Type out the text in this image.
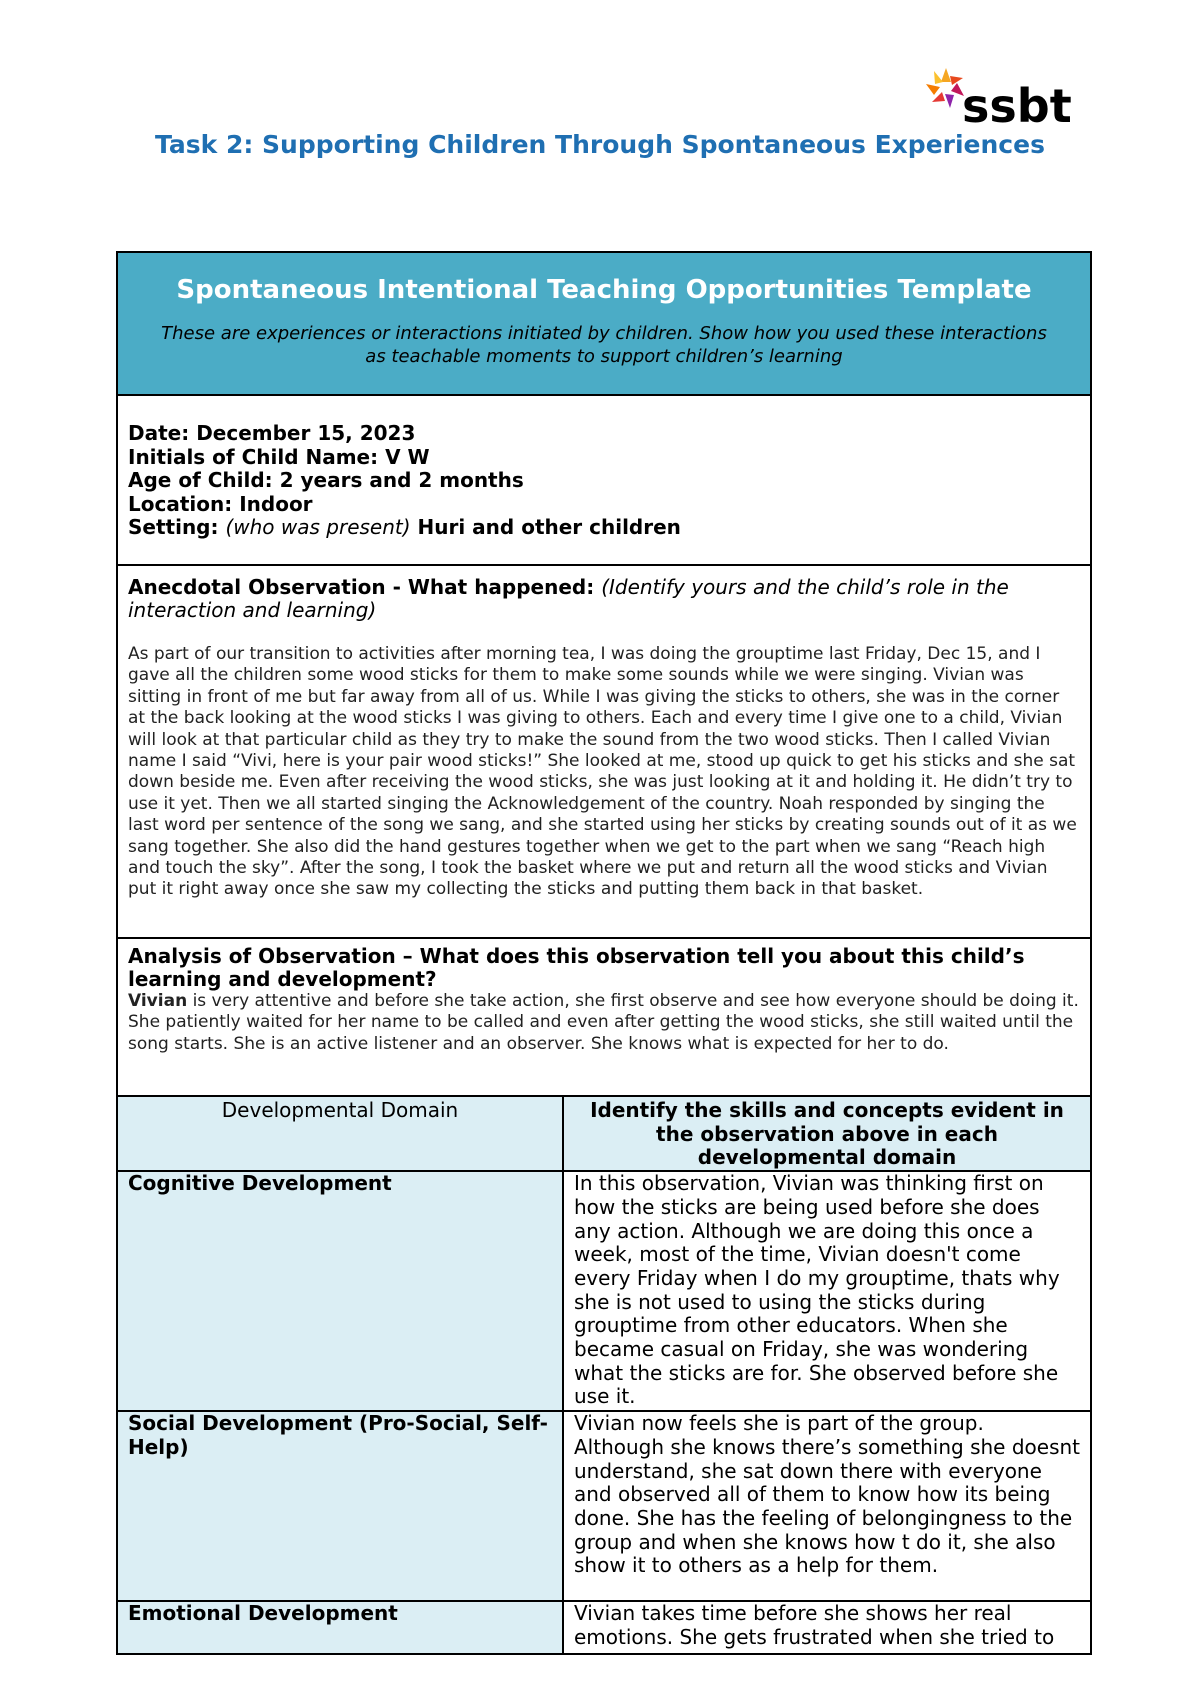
ssbt
Task 2: Supporting Children Through Spontaneous Experiences
Spontaneous Intentional Teaching Opportunities Template
These are experiences or interactions initiated by children. Show how you used these interactions as teachable moments to support children’s learning
Date: December 15, 2023
Initials of Child Name: V W
Age of Child: 2 years and 2 months
Location: Indoor
Setting: (who was present) Huri and other children
Anecdotal Observation - What happened: (Identify yours and the child’s role in the interaction and learning)
As part of our transition to activities after morning tea, I was doing the grouptime last Friday, Dec 15, and I gave all the children some wood sticks for them to make some sounds while we were singing. Vivian was sitting in front of me but far away from all of us. While I was giving the sticks to others, she was in the corner at the back looking at the wood sticks I was giving to others. Each and every time I give one to a child, Vivian will look at that particular child as they try to make the sound from the two wood sticks. Then I called Vivian name I said “Vivi, here is your pair wood sticks!” She looked at me, stood up quick to get his sticks and she sat down beside me. Even after receiving the wood sticks, she was just looking at it and holding it. He didn’t try to use it yet. Then we all started singing the Acknowledgement of the country. Noah responded by singing the last word per sentence of the song we sang, and she started using her sticks by creating sounds out of it as we sang together. She also did the hand gestures together when we get to the part when we sang “Reach high and touch the sky”. After the song, I took the basket where we put and return all the wood sticks and Vivian put it right away once she saw my collecting the sticks and putting them back in that basket.
Analysis of Observation – What does this observation tell you about this child’s learning and development?
Vivian is very attentive and before she take action, she first observe and see how everyone should be doing it. She patiently waited for her name to be called and even after getting the wood sticks, she still waited until the song starts. She is an active listener and an observer. She knows what is expected for her to do.
Developmental Domain	Identify the skills and concepts evident in the observation above in each developmental domain
Cognitive Development	In this observation, Vivian was thinking first on how the sticks are being used before she does any action. Although we are doing this once a week, most of the time, Vivian doesn't come every Friday when I do my grouptime, thats why she is not used to using the sticks during grouptime from other educators. When she became casual on Friday, she was wondering what the sticks are for. She observed before she use it.
Social Development (Pro-Social, Self-Help)	Vivian now feels she is part of the group. Although she knows there’s something she doesnt understand, she sat down there with everyone and observed all of them to know how its being done. She has the feeling of belongingness to the group and when she knows how t do it, she also show it to others as a help for them.
Emotional Development	Vivian takes time before she shows her real emotions. She gets frustrated when she tried to
